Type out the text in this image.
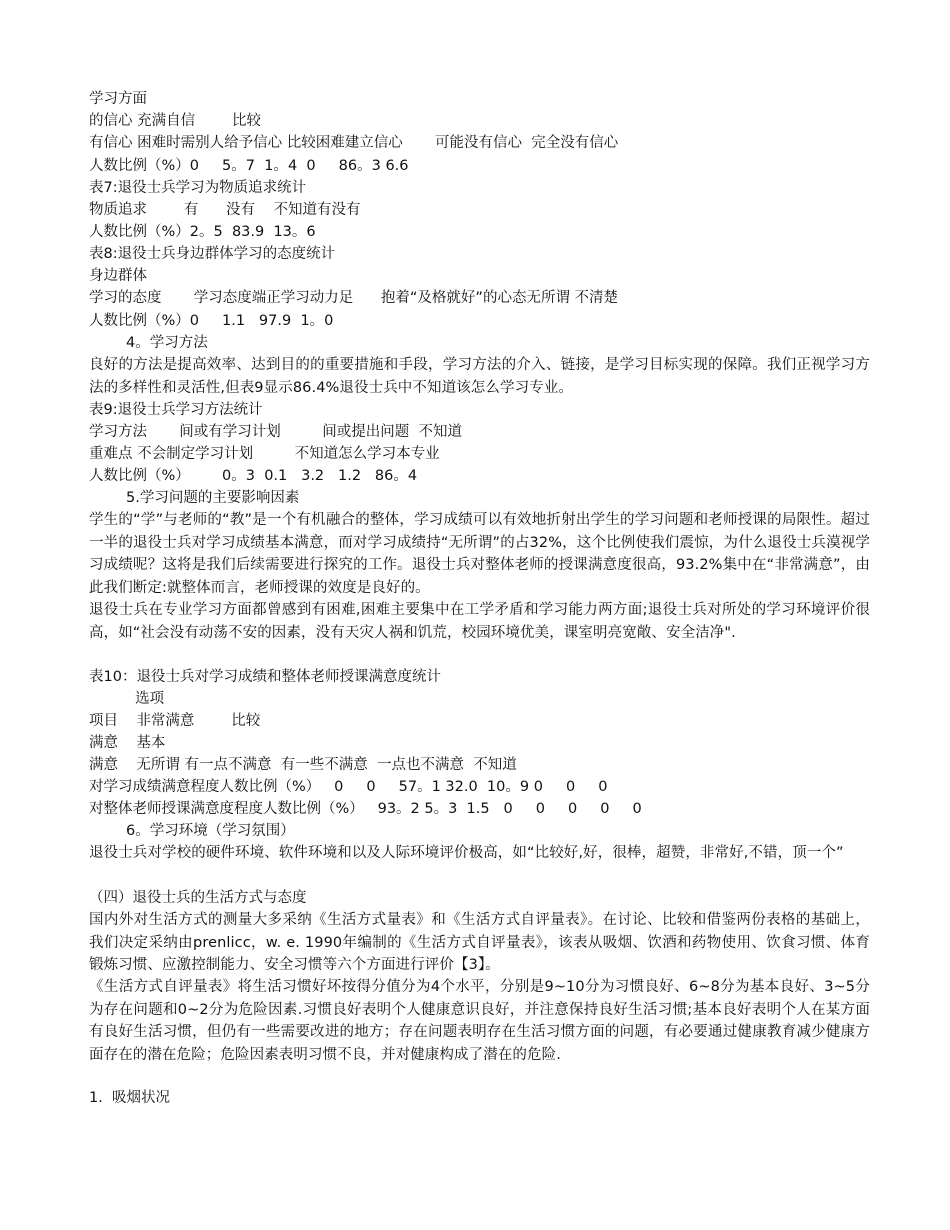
学习方面
的信心 充满自信        比较
有信心 困难时需别人给予信心 比较困难建立信心       可能没有信心  完全没有信心
人数比例（%）0     5。7  1。4  0     86。3 6.6
表7:退役士兵学习为物质追求统计
物质追求        有      没有    不知道有没有
人数比例（%）2。5  83.9  13。6
表8:退役士兵身边群体学习的态度统计
身边群体
学习的态度       学习态度端正学习动力足      抱着“及格就好”的心态无所谓 不清楚
人数比例（%）0     1.1   97.9  1。0
4。学习方法
良好的方法是提高效率、达到目的的重要措施和手段，学习方法的介入、链接，是学习目标实现的保障。我们正视学习方法的多样性和灵活性,但表9显示86.4%退役士兵中不知道该怎么学习专业。
表9:退役士兵学习方法统计
学习方法       间或有学习计划         间或提出问题  不知道
重难点 不会制定学习计划         不知道怎么学习本专业
人数比例（%）       0。3  0.1   3.2   1.2   86。4
5.学习问题的主要影响因素
学生的“学”与老师的“教”是一个有机融合的整体，学习成绩可以有效地折射出学生的学习问题和老师授课的局限性。超过一半的退役士兵对学习成绩基本满意，而对学习成绩持“无所谓”的占32%，这个比例使我们震惊，为什么退役士兵漠视学习成绩呢？这将是我们后续需要进行探究的工作。退役士兵对整体老师的授课满意度很高，93.2%集中在“非常满意”，由此我们断定:就整体而言，老师授课的效度是良好的。
退役士兵在专业学习方面都曾感到有困难,困难主要集中在工学矛盾和学习能力两方面;退役士兵对所处的学习环境评价很高，如“社会没有动荡不安的因素，没有天灾人祸和饥荒，校园环境优美，课室明亮宽敞、安全洁净".
表10：退役士兵对学习成绩和整体老师授课满意度统计
选项
项目    非常满意        比较
满意    基本
满意    无所谓 有一点不满意  有一些不满意  一点也不满意  不知道
对学习成绩满意程度人数比例（%）   0     0     57。1 32.0  10。9 0     0     0
对整体老师授课满意度程度人数比例（%）   93。2 5。3  1.5   0     0     0     0     0
6。学习环境（学习氛围）
退役士兵对学校的硬件环境、软件环境和以及人际环境评价极高，如“比较好,好，很棒，超赞，非常好,不错，顶一个”
（四）退役士兵的生活方式与态度
国内外对生活方式的测量大多采纳《生活方式量表》和《生活方式自评量表》。在讨论、比较和借鉴两份表格的基础上，我们决定采纳由prenlicc，w. e. 1990年编制的《生活方式自评量表》，该表从吸烟、饮酒和药物使用、饮食习惯、体育锻炼习惯、应激控制能力、安全习惯等六个方面进行评价【3】。
《生活方式自评量表》将生活习惯好坏按得分值分为4个水平，分别是9~10分为习惯良好、6~8分为基本良好、3~5分为存在问题和0~2分为危险因素.习惯良好表明个人健康意识良好，并注意保持良好生活习惯;基本良好表明个人在某方面有良好生活习惯，但仍有一些需要改进的地方；存在问题表明存在生活习惯方面的问题，有必要通过健康教育减少健康方面存在的潜在危险；危险因素表明习惯不良，并对健康构成了潜在的危险.
1.  吸烟状况
